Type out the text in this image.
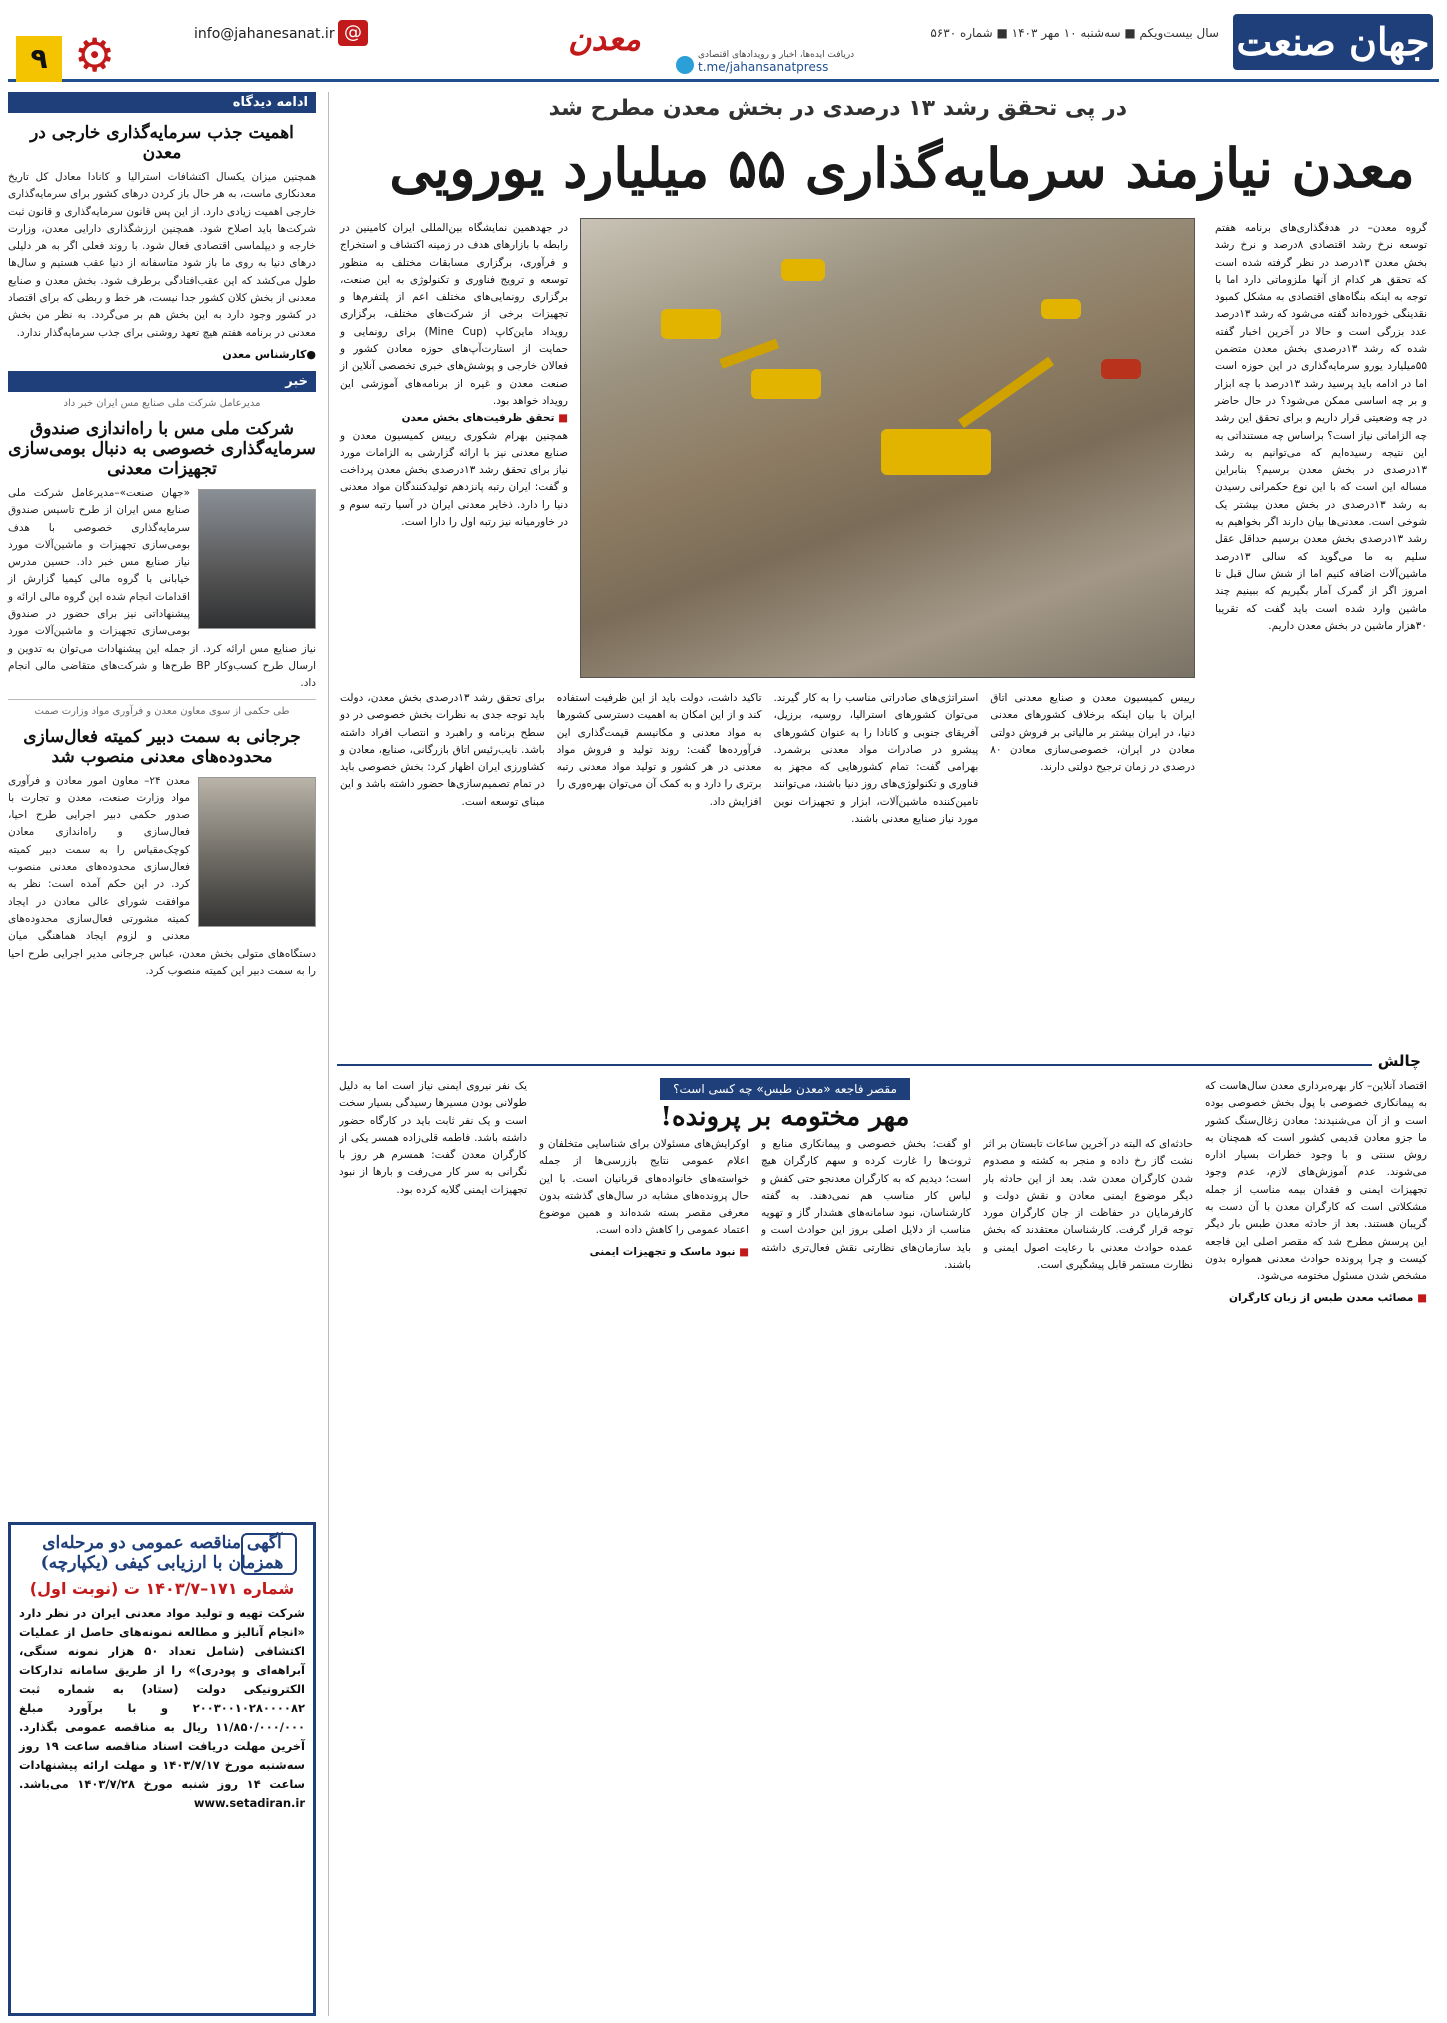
جهان صنعت
سال بیست‌ویکم ■ سه‌شنبه ۱۰ مهر ۱۴۰۳ ■ شماره ۵۶۳۰
معدن	دریافت ایده‌ها، اخبار و رویدادهای اقتصادی
t.me/jahansanatpress
@
info@jahanesanat.ir
⚙
۹
در پی تحقق رشد ۱۳ درصدی در بخش معدن مطرح شد
معدن نیازمند سرمایه‌گذاری ۵۵ میلیارد یورویی
گروه معدن– در هدفگذاری‌های برنامه هفتم توسعه نرخ رشد اقتصادی ۸درصد و نرخ رشد بخش معدن ۱۳درصد در نظر گرفته شده است که تحقق هر کدام از آنها ملزوماتی دارد اما با توجه به اینکه بنگاه‌های اقتصادی به مشکل کمبود نقدینگی خورده‌اند گفته می‌شود که رشد ۱۳درصد عدد بزرگی است و حالا در آخرین اخبار گفته شده که رشد ۱۳درصدی بخش معدن متضمن ۵۵میلیارد یورو سرمایه‌گذاری در این حوزه است اما در ادامه باید پرسید رشد ۱۳درصد با چه ابزار و بر چه اساسی ممکن می‌شود؟ در حال حاضر در چه وضعیتی قرار داریم و برای تحقق این رشد چه الزاماتی نیاز است؟ براساس چه مستنداتی به این نتیجه رسیده‌ایم که می‌توانیم به رشد ۱۳درصدی در بخش معدن برسیم؟ بنابراین مساله این است که با این نوع حکمرانی رسیدن به رشد ۱۳درصدی در بخش معدن بیشتر یک شوخی است. معدنی‌ها بیان دارند اگر بخواهیم به رشد ۱۳درصدی بخش معدن برسیم حداقل عقل سلیم به ما می‌گوید که سالی ۱۳درصد ماشین‌آلات اضافه کنیم اما از شش سال قبل تا امروز اگر از گمرک آمار بگیریم که ببینیم چند ماشین وارد شده است باید گفت که تقریبا ۳۰هزار ماشین در بخش معدن داریم.

در جهدهمین نمایشگاه بین‌المللی ایران کامینین در رابطه با بازارهای هدف در زمینه اکتشاف و استخراج و فرآوری، برگزاری مسابقات مختلف به منظور توسعه و ترویج فناوری و تکنولوژی به این صنعت، برگزاری رونمایی‌های مختلف اعم از پلتفرم‌ها و تجهیزات برخی از شرکت‌های مختلف، برگزاری رویداد ماین‌کاپ (Mine Cup) برای رونمایی و حمایت از استارت‌آپ‌های حوزه معادن کشور و فعالان خارجی و پوشش‌های خبری تخصصی آنلاین از صنعت معدن و غیره از برنامه‌های آموزشی این رویداد خواهد بود.

■ تحقق ظرفیت‌های بخش معدن

همچنین بهرام شکوری رییس کمیسیون معدن و صنایع معدنی نیز با ارائه گزارشی به الزامات مورد نیاز برای تحقق رشد ۱۳درصدی بخش معدن پرداخت و گفت: ایران رتبه پانزدهم تولیدکنندگان مواد معدنی دنیا را دارد. ذخایر معدنی ایران در آسیا رتبه سوم و در خاورمیانه نیز رتبه اول را دارا است.

برای تحقق رشد ۱۳درصدی بخش معدن، دولت باید توجه جدی به نظرات بخش خصوصی در دو سطح برنامه و راهبرد و انتصاب افراد داشته باشد. نایب‌رئیس اتاق بازرگانی، صنایع، معادن و کشاورزی ایران اظهار کرد: بخش خصوصی باید در تمام تصمیم‌سازی‌ها حضور داشته باشد و این مبنای توسعه است.
تاکید داشت، دولت باید از این ظرفیت استفاده کند و از این امکان به اهمیت دسترسی کشورها به مواد معدنی و مکانیسم قیمت‌گذاری این فرآورده‌ها گفت: روند تولید و فروش مواد معدنی در هر کشور و تولید مواد معدنی رتبه برتری را دارد و به کمک آن می‌توان بهره‌وری را افزایش داد.
استراتژی‌های صادراتی مناسب را به کار گیرند. می‌توان کشورهای استرالیا، روسیه، برزیل، آفریقای جنوبی و کانادا را به عنوان کشورهای پیشرو در صادرات مواد معدنی برشمرد. بهرامی گفت: تمام کشورهایی که مجهز به فناوری و تکنولوژی‌های روز دنیا باشند، می‌توانند تامین‌کننده ماشین‌آلات، ابزار و تجهیزات نوین مورد نیاز صنایع معدنی باشند.
رییس کمیسیون معدن و صنایع معدنی اتاق ایران با بیان اینکه برخلاف کشورهای معدنی دنیا، در ایران بیشتر بر مالیاتی بر فروش دولتی معادن در ایران، خصوصی‌سازی معادن ۸۰ درصدی در زمان ترجیح دولتی دارند.
ادامه دیدگاه
اهمیت جذب سرمایه‌گذاری خارجی در معدن
همچنین میزان یکسال اکتشافات استرالیا و کانادا معادل کل تاریخ معدنکاری ماست، به هر حال باز کردن درهای کشور برای سرمایه‌گذاری خارجی اهمیت زیادی دارد. از این پس قانون سرمایه‌گذاری و قانون ثبت شرکت‌ها باید اصلاح شود. همچنین ارزشگذاری دارایی معدن، وزارت خارجه و دیپلماسی اقتصادی فعال شود. با روند فعلی اگر به هر دلیلی درهای دنیا به روی ما باز شود متاسفانه از دنیا عقب هستیم و سال‌ها طول می‌کشد که این عقب‌افتادگی برطرف شود. بخش معدن و صنایع معدنی از بخش کلان کشور جدا نیست، هر خط و ربطی که برای اقتصاد در کشور وجود دارد به این بخش هم بر می‌گردد. به نظر من بخش معدنی در برنامه هفتم هیچ تعهد روشنی برای جذب سرمایه‌گذار ندارد.
●کارشناس معدن
خبر
مدیرعامل شرکت ملی صنایع مس ایران خبر داد
شرکت ملی مس با راه‌اندازی صندوق سرمایه‌گذاری خصوصی به دنبال بومی‌سازی تجهیزات معدنی
«جهان صنعت»–مدیرعامل شرکت ملی صنایع مس ایران از طرح تاسیس صندوق سرمایه‌گذاری خصوصی با هدف بومی‌سازی تجهیزات و ماشین‌آلات مورد نیاز صنایع مس خبر داد. حسین مدرس خیابانی با گروه مالی کیمیا گزارش از اقدامات انجام شده این گروه مالی ارائه و پیشنهاداتی نیز برای حضور در صندوق بومی‌سازی تجهیزات و ماشین‌آلات مورد نیاز صنایع مس ارائه کرد. از جمله این پیشنهادات می‌توان به تدوین و ارسال طرح کسب‌وکار BP طرح‌ها و شرکت‌های متقاضی مالی انجام داد.
طی حکمی از سوی معاون معدن و فرآوری مواد وزارت صمت
جرجانی به سمت دبیر کمیته فعال‌سازی محدوده‌های معدنی منصوب شد
معدن ۲۴– معاون امور معادن و فرآوری مواد وزارت صنعت، معدن و تجارت با صدور حکمی دبیر اجرایی طرح احیا، فعال‌سازی و راه‌اندازی معادن کوچک‌مقیاس را به سمت دبیر کمیته فعال‌سازی محدوده‌های معدنی منصوب کرد. در این حکم آمده است: نظر به موافقت شورای عالی معادن در ایجاد کمیته مشورتی فعال‌سازی محدوده‌های معدنی و لزوم ایجاد هماهنگی میان دستگاه‌های متولی بخش معدن، عباس جرجانی مدیر اجرایی طرح احیا را به سمت دبیر این کمیته منصوب کرد.
آگهی مناقصه عمومی دو مرحله‌ای همزمان با ارزیابی کیفی (یکپارچه)
شماره ۱۷۱–۱۴۰۳/۷ ت (نوبت اول)
شرکت تهیه و تولید مواد معدنی ایران در نظر دارد «انجام آنالیز و مطالعه نمونه‌های حاصل از عملیات اکتشافی (شامل تعداد ۵۰ هزار نمونه سنگی، آبراهه‌ای و پودری)» را از طریق سامانه تدارکات الکترونیکی دولت (ستاد) به شماره ثبت ۲۰۰۳۰۰۱۰۲۸۰۰۰۰۸۲ و با برآورد مبلغ ۱۱/۸۵۰/۰۰۰/۰۰۰ ریال به مناقصه عمومی بگذارد. آخرین مهلت دریافت اسناد مناقصه ساعت ۱۹ روز سه‌شنبه مورخ ۱۴۰۳/۷/۱۷ و مهلت ارائه پیشنهادات ساعت ۱۴ روز شنبه مورخ ۱۴۰۳/۷/۲۸ می‌باشد. www.setadiran.ir
چالش
مقصر فاجعه «معدن طبس» چه کسی است؟
مهر مختومه بر پرونده!

اقتصاد آنلاین– کار بهره‌برداری معدن سال‌هاست که به پیمانکاری خصوصی با پول بخش خصوصی بوده است و از آن می‌شنیدند: معادن زغال‌سنگ کشور ما جزو معادن قدیمی کشور است که همچنان به روش سنتی و با وجود خطرات بسیار اداره می‌شوند. عدم آموزش‌های لازم، عدم وجود تجهیزات ایمنی و فقدان بیمه مناسب از جمله مشکلاتی است که کارگران معدن با آن دست به گریبان هستند. بعد از حادثه معدن طبس بار دیگر این پرسش مطرح شد که مقصر اصلی این فاجعه کیست و چرا پرونده حوادث معدنی همواره بدون مشخص شدن مسئول مختومه می‌شود.

■ مصائب معدن طبس از زبان کارگران

حادثه‌ای که البته در آخرین ساعات تابستان بر اثر نشت گاز رخ داده و منجر به کشته و مصدوم شدن کارگران معدن شد. بعد از این حادثه بار دیگر موضوع ایمنی معادن و نقش دولت و کارفرمایان در حفاظت از جان کارگران مورد توجه قرار گرفت. کارشناسان معتقدند که بخش عمده حوادث معدنی با رعایت اصول ایمنی و نظارت مستمر قابل پیشگیری است.
او گفت: بخش خصوصی و پیمانکاری منابع و ثروت‌ها را غارت کرده و سهم کارگران هیچ است؛ دیدیم که به کارگران معدنجو حتی کفش و لباس کار مناسب هم نمی‌دهند. به گفته کارشناسان، نبود سامانه‌های هشدار گاز و تهویه مناسب از دلایل اصلی بروز این حوادث است و باید سازمان‌های نظارتی نقش فعال‌تری داشته باشند.

اوکرایش‌های مسئولان برای شناسایی متخلفان و اعلام عمومی نتایج بازرسی‌ها از جمله خواسته‌های خانواده‌های قربانیان است. با این حال پرونده‌های مشابه در سال‌های گذشته بدون معرفی مقصر بسته شده‌اند و همین موضوع اعتماد عمومی را کاهش داده است.

■ نبود ماسک و تجهیزات ایمنی

یک نفر نیروی ایمنی نیاز است اما به دلیل طولانی بودن مسیرها رسیدگی بسیار سخت است و یک نفر ثابت باید در کارگاه حضور داشته باشد. فاطمه قلی‌زاده همسر یکی از کارگران معدن گفت: همسرم هر روز با نگرانی به سر کار می‌رفت و بارها از نبود تجهیزات ایمنی گلایه کرده بود.
